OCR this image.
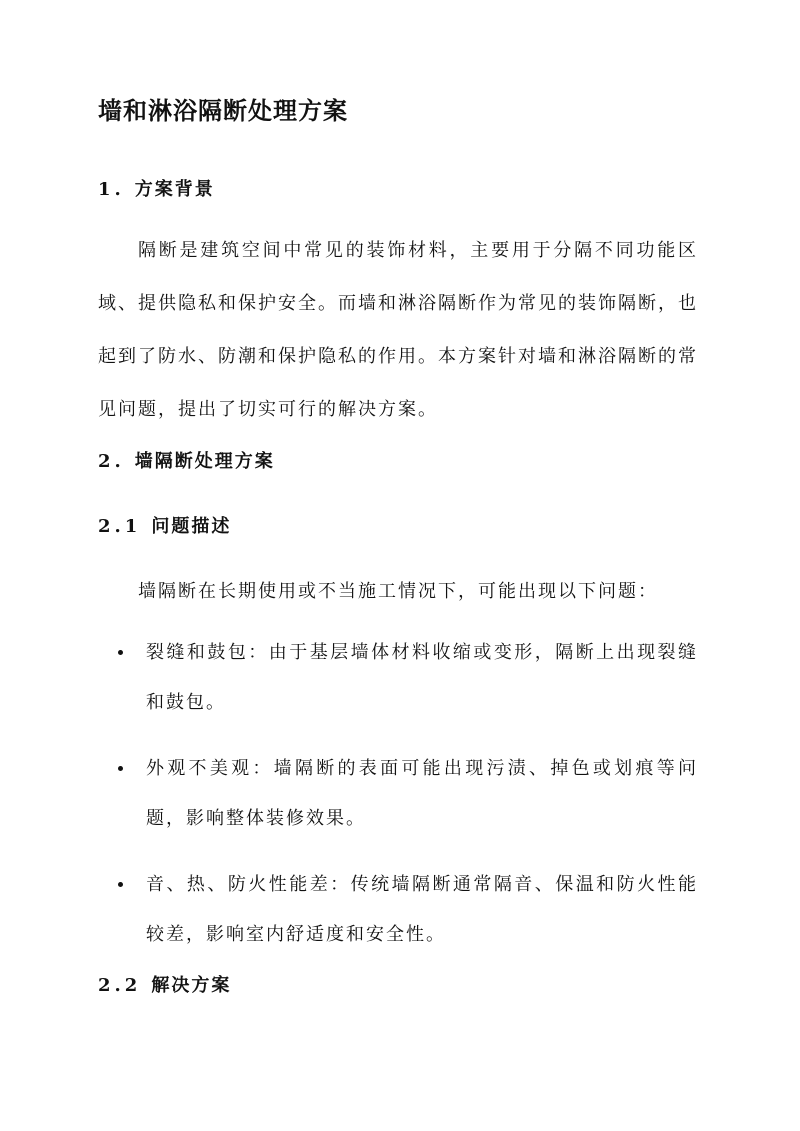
墙和淋浴隔断处理方案
1. 方案背景

隔断是建筑空间中常见的装饰材料，主要用于分隔不同功能区域、提供隐私和保护安全。而墙和淋浴隔断作为常见的装饰隔断，也起到了防水、防潮和保护隐私的作用。本方案针对墙和淋浴隔断的常见问题，提出了切实可行的解决方案。

2. 墙隔断处理方案
2.1 问题描述

墙隔断在长期使用或不当施工情况下，可能出现以下问题：

裂缝和鼓包：由于基层墙体材料收缩或变形，隔断上出现裂缝和鼓包。
外观不美观：墙隔断的表面可能出现污渍、掉色或划痕等问题，影响整体装修效果。
音、热、防火性能差：传统墙隔断通常隔音、保温和防火性能较差，影响室内舒适度和安全性。
2.2 解决方案
